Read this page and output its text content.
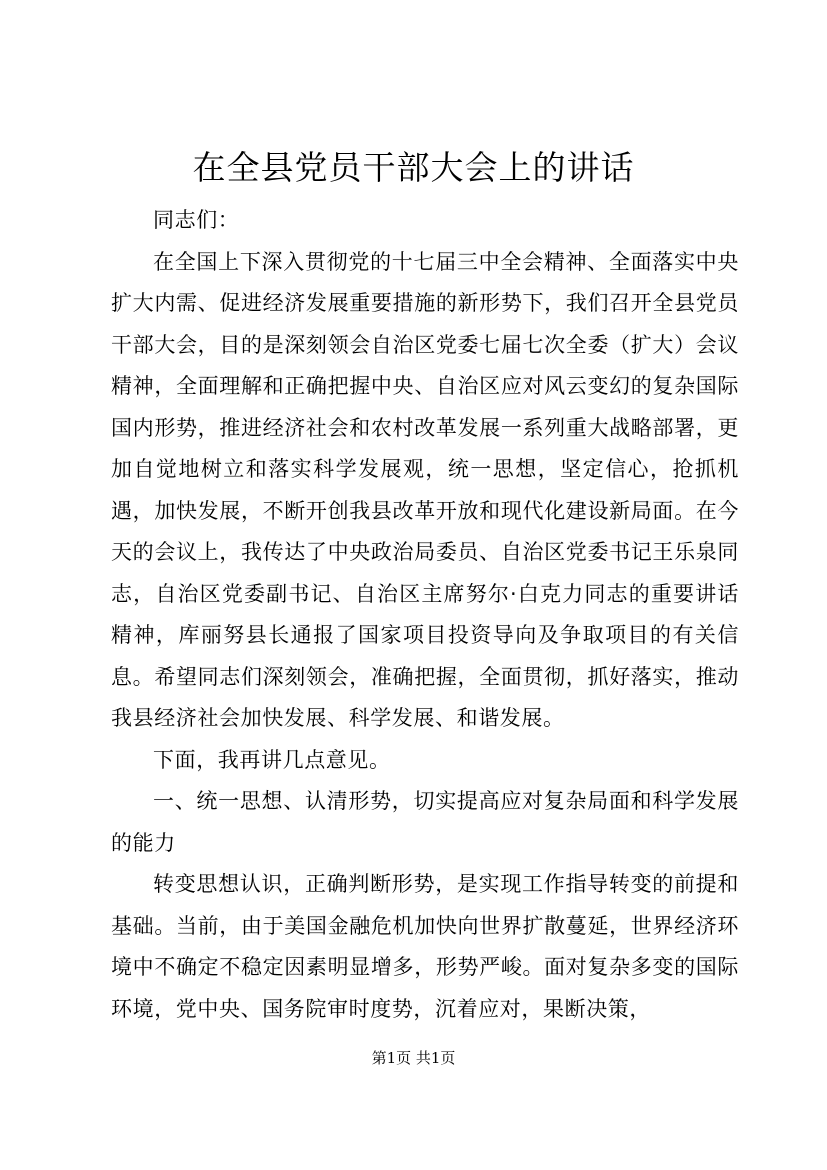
在全县党员干部大会上的讲话

同志们：

在全国上下深入贯彻党的十七届三中全会精神、全面落实中央扩大内需、促进经济发展重要措施的新形势下，我们召开全县党员干部大会，目的是深刻领会自治区党委七届七次全委（扩大）会议精神，全面理解和正确把握中央、自治区应对风云变幻的复杂国际国内形势，推进经济社会和农村改革发展一系列重大战略部署，更加自觉地树立和落实科学发展观，统一思想，坚定信心，抢抓机遇，加快发展，不断开创我县改革开放和现代化建设新局面。在今天的会议上，我传达了中央政治局委员、自治区党委书记王乐泉同志，自治区党委副书记、自治区主席努尔·白克力同志的重要讲话精神，库丽努县长通报了国家项目投资导向及争取项目的有关信息。希望同志们深刻领会，准确把握，全面贯彻，抓好落实，推动我县经济社会加快发展、科学发展、和谐发展。

下面，我再讲几点意见。

一、统一思想、认清形势，切实提高应对复杂局面和科学发展的能力

转变思想认识，正确判断形势，是实现工作指导转变的前提和基础。当前，由于美国金融危机加快向世界扩散蔓延，世界经济环境中不确定不稳定因素明显增多，形势严峻。面对复杂多变的国际环境，党中央、国务院审时度势，沉着应对，果断决策，

第1页 共1页
